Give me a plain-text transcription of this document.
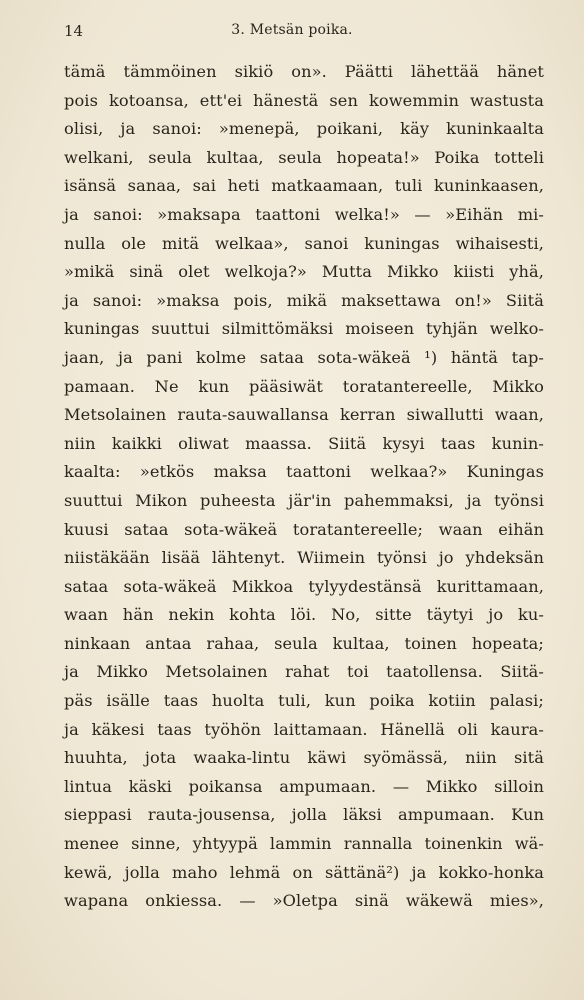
14	3. Metsän poika.
tämä tämmöinen sikiö on». Päätti lähettää hänet
pois kotoansa, ett'ei hänestä sen kowemmin wastusta
olisi, ja sanoi: »menepä, poikani, käy kuninkaalta
welkani, seula kultaa, seula hopeata!» Poika totteli
isänsä sanaa, sai heti matkaamaan, tuli kuninkaasen,
ja sanoi: »maksapa taattoni welka!» — »Eihän mi-
nulla ole mitä welkaa», sanoi kuningas wihaisesti,
»mikä sinä olet welkoja?» Mutta Mikko kiisti yhä,
ja sanoi: »maksa pois, mikä maksettawa on!» Siitä
kuningas suuttui silmittömäksi moiseen tyhjän welko-
jaan, ja pani kolme sataa sota-wäkeä ¹) häntä tap-
pamaan. Ne kun pääsiwät toratantereelle, Mikko
Metsolainen rauta-sauwallansa kerran siwallutti waan,
niin kaikki oliwat maassa. Siitä kysyi taas kunin-
kaalta: »etkös maksa taattoni welkaa?» Kuningas
suuttui Mikon puheesta jär'in pahemmaksi, ja työnsi
kuusi sataa sota-wäkeä toratantereelle; waan eihän
niistäkään lisää lähtenyt. Wiimein työnsi jo yhdeksän
sataa sota-wäkeä Mikkoa tylyydestänsä kurittamaan,
waan hän nekin kohta löi. No, sitte täytyi jo ku-
ninkaan antaa rahaa, seula kultaa, toinen hopeata;
ja Mikko Metsolainen rahat toi taatollensa. Siitä-
päs isälle taas huolta tuli, kun poika kotiin palasi;
ja käkesi taas työhön laittamaan. Hänellä oli kaura-
huuhta, jota waaka-lintu käwi syömässä, niin sitä
lintua käski poikansa ampumaan. — Mikko silloin
sieppasi rauta-jousensa, jolla läksi ampumaan. Kun
menee sinne, yhtyypä lammin rannalla toinenkin wä-
kewä, jolla maho lehmä on sättänä²) ja kokko-honka
wapana onkiessa. — »Oletpa sinä wäkewä mies»,
